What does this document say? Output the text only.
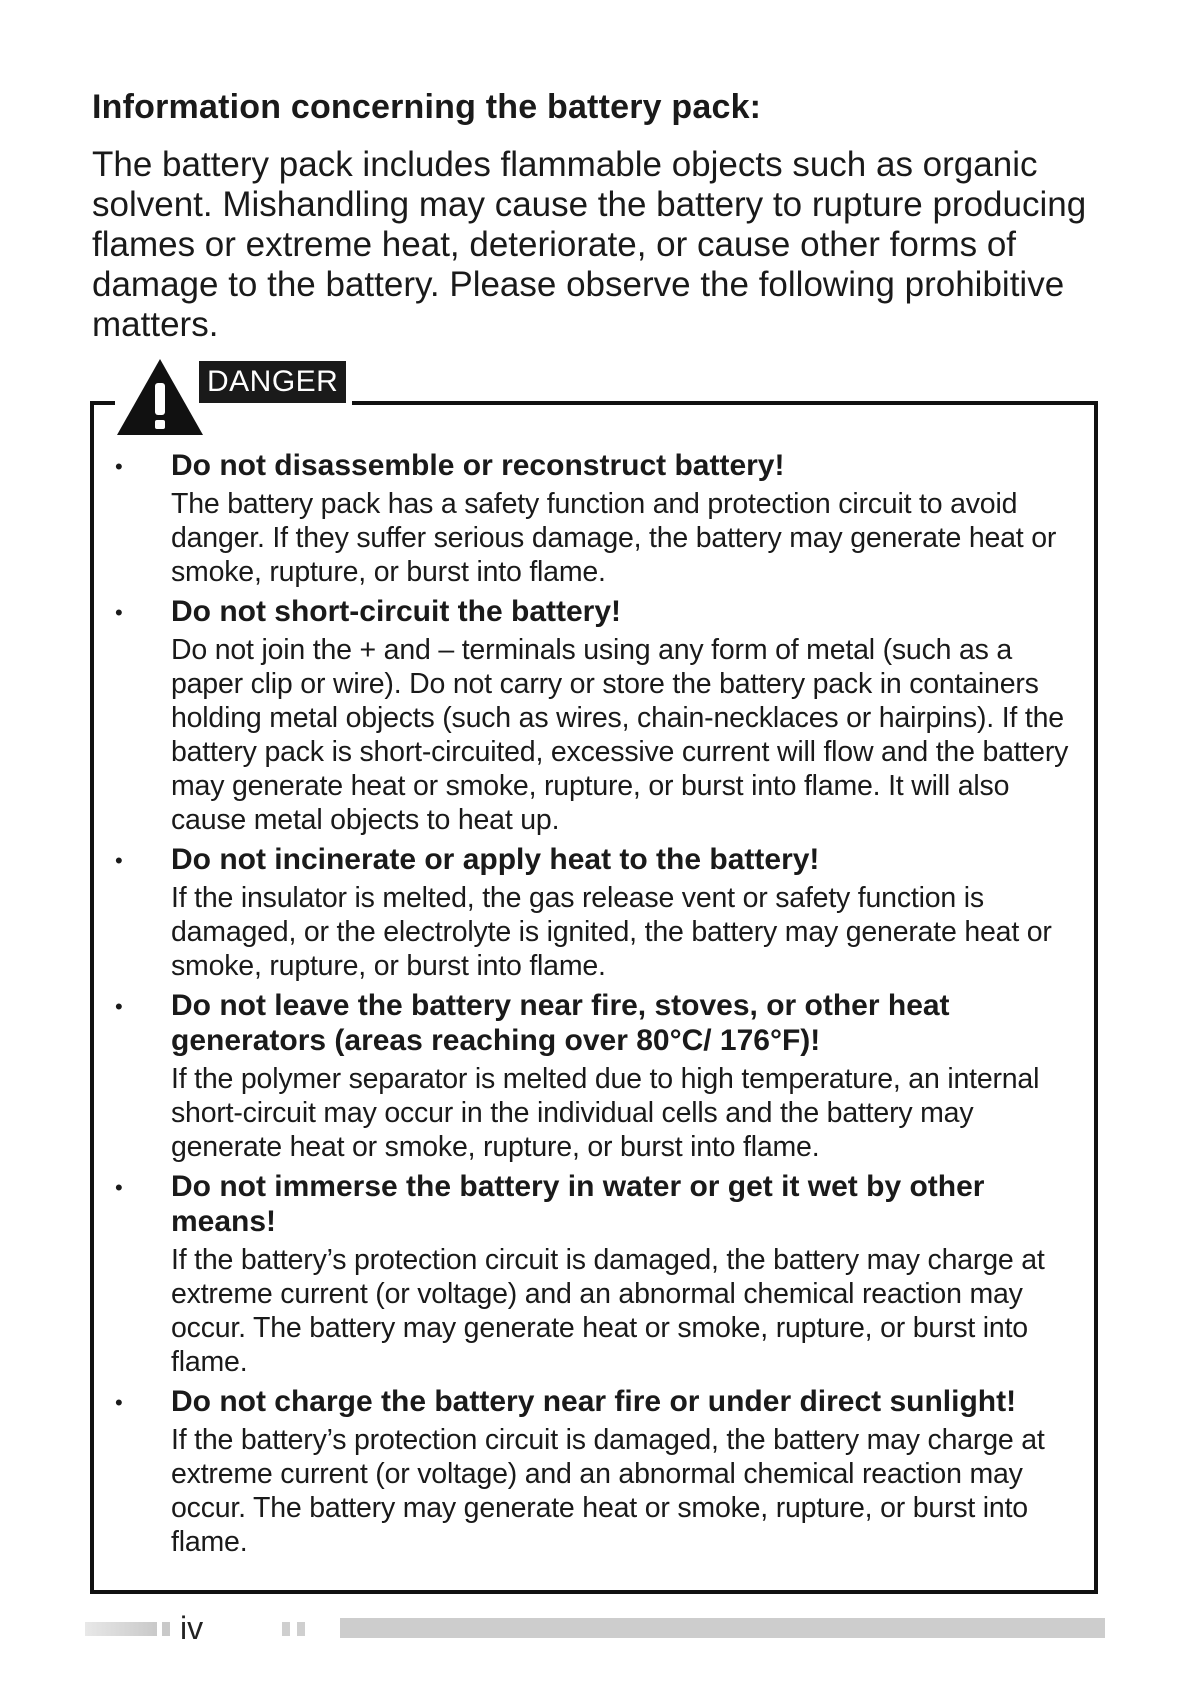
Information concerning the battery pack:

The battery pack includes flammable objects such as organic solvent. Mishandling may cause the battery to rupture producing flames or extreme heat, deteriorate, or cause other forms of damage to the battery. Please observe the following prohibitive matters.

DANGER
• Do not disassemble or reconstruct battery!

The battery pack has a safety function and protection circuit to avoid danger. If they suffer serious damage, the battery may generate heat or smoke, rupture, or burst into flame.

• Do not short-circuit the battery!

Do not join the + and – terminals using any form of metal (such as a paper clip or wire). Do not carry or store the battery pack in containers holding metal objects (such as wires, chain-necklaces or hairpins). If the battery pack is short-circuited, excessive current will flow and the battery may generate heat or smoke, rupture, or burst into flame. It will also cause metal objects to heat up.

• Do not incinerate or apply heat to the battery!

If the insulator is melted, the gas release vent or safety function is damaged, or the electrolyte is ignited, the battery may generate heat or smoke, rupture, or burst into flame.

• Do not leave the battery near fire, stoves, or other heat generators (areas reaching over 80°C/ 176°F)!

If the polymer separator is melted due to high temperature, an internal short-circuit may occur in the individual cells and the battery may generate heat or smoke, rupture, or burst into flame.

• Do not immerse the battery in water or get it wet by other means!

If the battery’s protection circuit is damaged, the battery may charge at extreme current (or voltage) and an abnormal chemical reaction may occur. The battery may generate heat or smoke, rupture, or burst into flame.

• Do not charge the battery near fire or under direct sunlight!

If the battery’s protection circuit is damaged, the battery may charge at extreme current (or voltage) and an abnormal chemical reaction may occur. The battery may generate heat or smoke, rupture, or burst into flame.

iv
